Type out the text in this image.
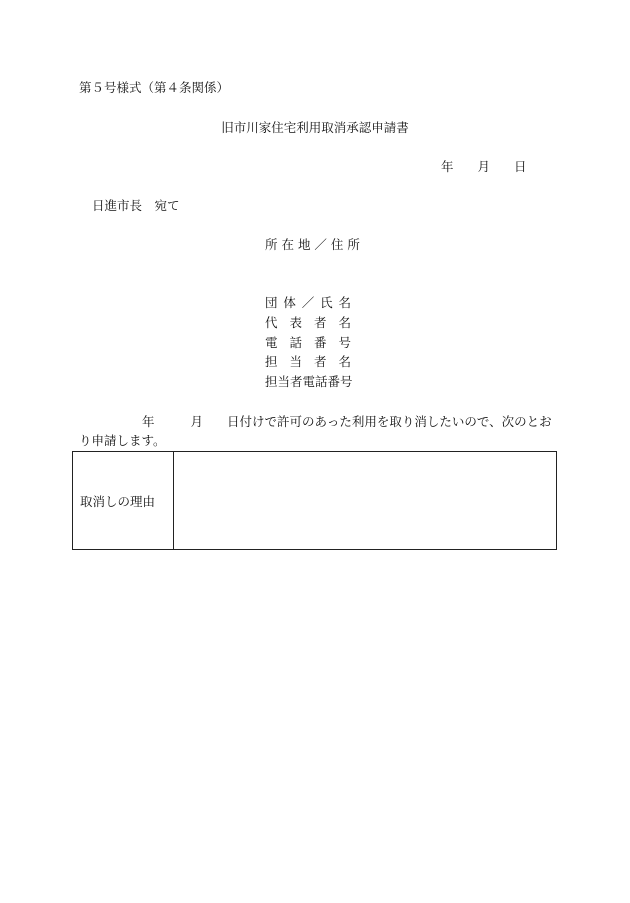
第５号様式（第４条関係）
旧市川家住宅利用取消承認申請書
年 月 日
日進市長　宛て
所 在 地 ／ 住 所
団 体 ／ 氏 名
代 表 者 名
電 話 番 号
担 当 者 名
担当者電話番号
年	月 日付けで許可のあった利用を取り消したいので、次のとお
り申請します。
取消しの理由
